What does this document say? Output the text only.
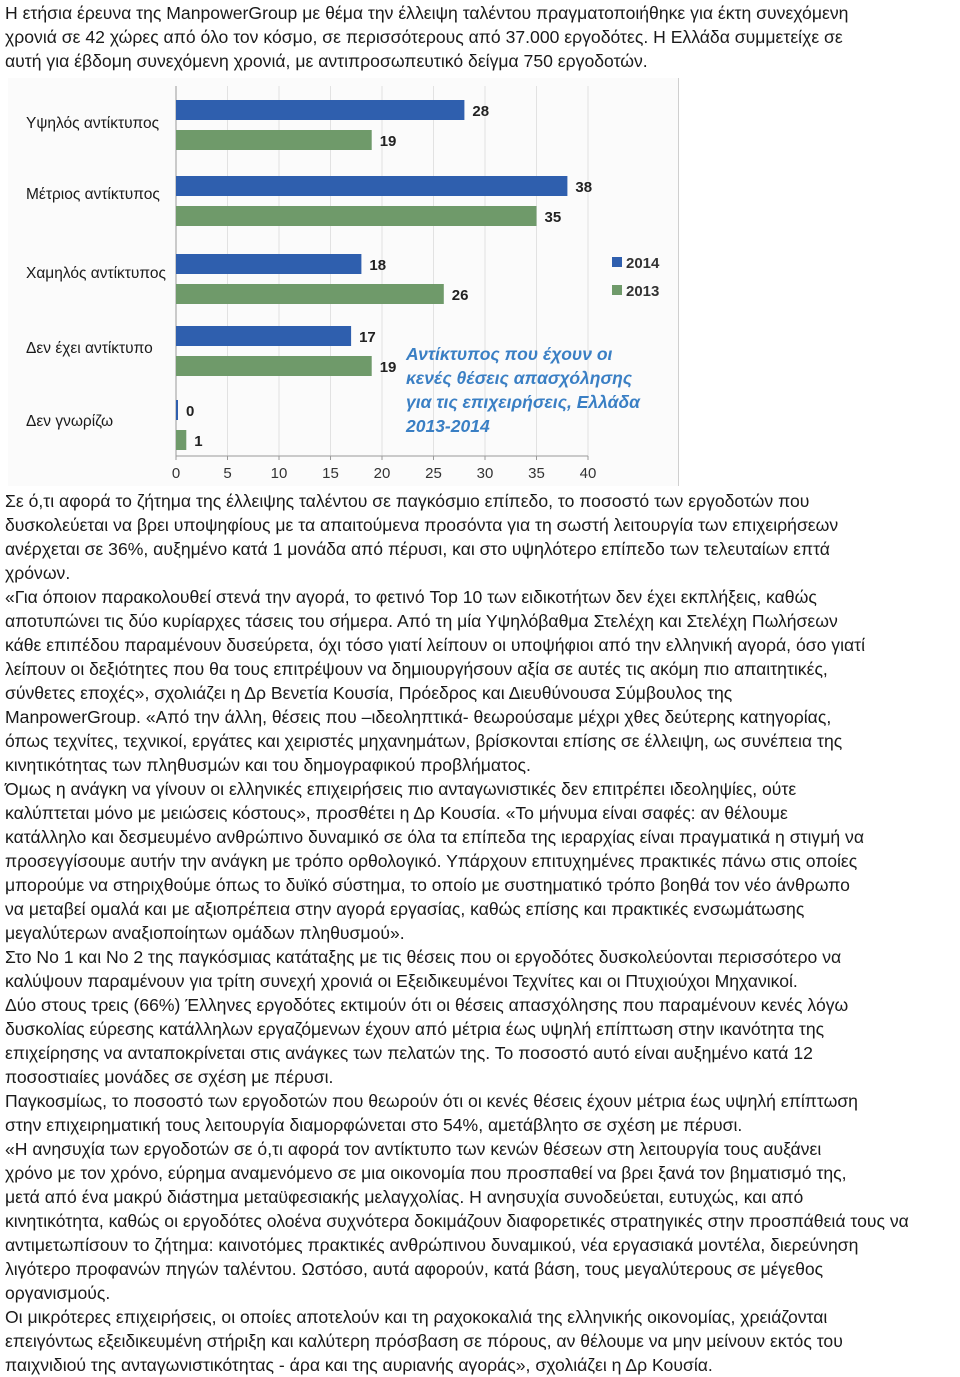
Η ετήσια έρευνα της ManpowerGroup με θέμα την έλλειψη ταλέντου πραγματοποιήθηκε για έκτη συνεχόμενη
χρονιά σε 42 χώρες από όλο τον κόσμο, σε περισσότερους από 37.000 εργοδότες. Η Ελλάδα συμμετείχε σε
αυτή για έβδομη συνεχόμενη χρονιά, με αντιπροσωπευτικό δείγμα 750 εργοδοτών.
0	5	10 15 20 25 30 35 40
Υψηλός αντίκτυπος
28
19
Μέτριος αντίκτυπος	38
35
Χαμηλός αντίκτυπος	18
26
Δεν έχει αντίκτυπο
17
19
Δεν γνωρίζω
0
1
2014
2013
Αντίκτυπος που έχουν οι
κενές θέσεις απασχόλησης
για τις επιχειρήσεις, Ελλάδα
2013-2014
Σε ό,τι αφορά το ζήτημα της έλλειψης ταλέντου σε παγκόσμιο επίπεδο, το ποσοστό των εργοδοτών που
δυσκολεύεται να βρει υποψηφίους με τα απαιτούμενα προσόντα για τη σωστή λειτουργία των επιχειρήσεων
ανέρχεται σε 36%, αυξημένο κατά 1 μονάδα από πέρυσι, και στο υψηλότερο επίπεδο των τελευταίων επτά
χρόνων.
«Για όποιον παρακολουθεί στενά την αγορά, το φετινό Top 10 των ειδικοτήτων δεν έχει εκπλήξεις, καθώς
αποτυπώνει τις δύο κυρίαρχες τάσεις του σήμερα. Από τη μία Υψηλόβαθμα Στελέχη και Στελέχη Πωλήσεων
κάθε επιπέδου παραμένουν δυσεύρετα, όχι τόσο γιατί λείπουν οι υποψήφιοι από την ελληνική αγορά, όσο γιατί
λείπουν οι δεξιότητες που θα τους επιτρέψουν να δημιουργήσουν αξία σε αυτές τις ακόμη πιο απαιτητικές,
σύνθετες εποχές», σχολιάζει η Δρ Βενετία Κουσία, Πρόεδρος και Διευθύνουσα Σύμβουλος της
ManpowerGroup. «Από την άλλη, θέσεις που –ιδεοληπτικά- θεωρούσαμε μέχρι χθες δεύτερης κατηγορίας,
όπως τεχνίτες, τεχνικοί, εργάτες και χειριστές μηχανημάτων, βρίσκονται επίσης σε έλλειψη, ως συνέπεια της
κινητικότητας των πληθυσμών και του δημογραφικού προβλήματος.
Όμως η ανάγκη να γίνουν οι ελληνικές επιχειρήσεις πιο ανταγωνιστικές δεν επιτρέπει ιδεοληψίες, ούτε
καλύπτεται μόνο με μειώσεις κόστους», προσθέτει η Δρ Κουσία. «Το μήνυμα είναι σαφές: αν θέλουμε
κατάλληλο και δεσμευμένο ανθρώπινο δυναμικό σε όλα τα επίπεδα της ιεραρχίας είναι πραγματικά η στιγμή να
προσεγγίσουμε αυτήν την ανάγκη με τρόπο ορθολογικό. Υπάρχουν επιτυχημένες πρακτικές πάνω στις οποίες
μπορούμε να στηριχθούμε όπως το δυϊκό σύστημα, το οποίο με συστηματικό τρόπο βοηθά τον νέο άνθρωπο
να μεταβεί ομαλά και με αξιοπρέπεια στην αγορά εργασίας, καθώς επίσης και πρακτικές ενσωμάτωσης
μεγαλύτερων αναξιοποίητων ομάδων πληθυσμού».
Στο Νο 1 και Νο 2 της παγκόσμιας κατάταξης με τις θέσεις που οι εργοδότες δυσκολεύονται περισσότερο να
καλύψουν παραμένουν για τρίτη συνεχή χρονιά οι Εξειδικευμένοι Τεχνίτες και οι Πτυχιούχοι Μηχανικοί.
Δύο στους τρεις (66%) Έλληνες εργοδότες εκτιμούν ότι οι θέσεις απασχόλησης που παραμένουν κενές λόγω
δυσκολίας εύρεσης κατάλληλων εργαζόμενων έχουν από μέτρια έως υψηλή επίπτωση στην ικανότητα της
επιχείρησης να ανταποκρίνεται στις ανάγκες των πελατών της. Το ποσοστό αυτό είναι αυξημένο κατά 12
ποσοστιαίες μονάδες σε σχέση με πέρυσι.
Παγκοσμίως, το ποσοστό των εργοδοτών που θεωρούν ότι οι κενές θέσεις έχουν μέτρια έως υψηλή επίπτωση
στην επιχειρηματική τους λειτουργία διαμορφώνεται στο 54%, αμετάβλητο σε σχέση με πέρυσι.
«Η ανησυχία των εργοδοτών σε ό,τι αφορά τον αντίκτυπο των κενών θέσεων στη λειτουργία τους αυξάνει
χρόνο με τον χρόνο, εύρημα αναμενόμενο σε μια οικονομία που προσπαθεί να βρει ξανά τον βηματισμό της,
μετά από ένα μακρύ διάστημα μεταϋφεσιακής μελαγχολίας. Η ανησυχία συνοδεύεται, ευτυχώς, και από
κινητικότητα, καθώς οι εργοδότες ολοένα συχνότερα δοκιμάζουν διαφορετικές στρατηγικές στην προσπάθειά τους να
αντιμετωπίσουν το ζήτημα: καινοτόμες πρακτικές ανθρώπινου δυναμικού, νέα εργασιακά μοντέλα, διερεύνηση
λιγότερο προφανών πηγών ταλέντου. Ωστόσο, αυτά αφορούν, κατά βάση, τους μεγαλύτερους σε μέγεθος
οργανισμούς.
Οι μικρότερες επιχειρήσεις, οι οποίες αποτελούν και τη ραχοκοκαλιά της ελληνικής οικονομίας, χρειάζονται
επειγόντως εξειδικευμένη στήριξη και καλύτερη πρόσβαση σε πόρους, αν θέλουμε να μην μείνουν εκτός του
παιχνιδιού της ανταγωνιστικότητας - άρα και της αυριανής αγοράς», σχολιάζει η Δρ Κουσία.
